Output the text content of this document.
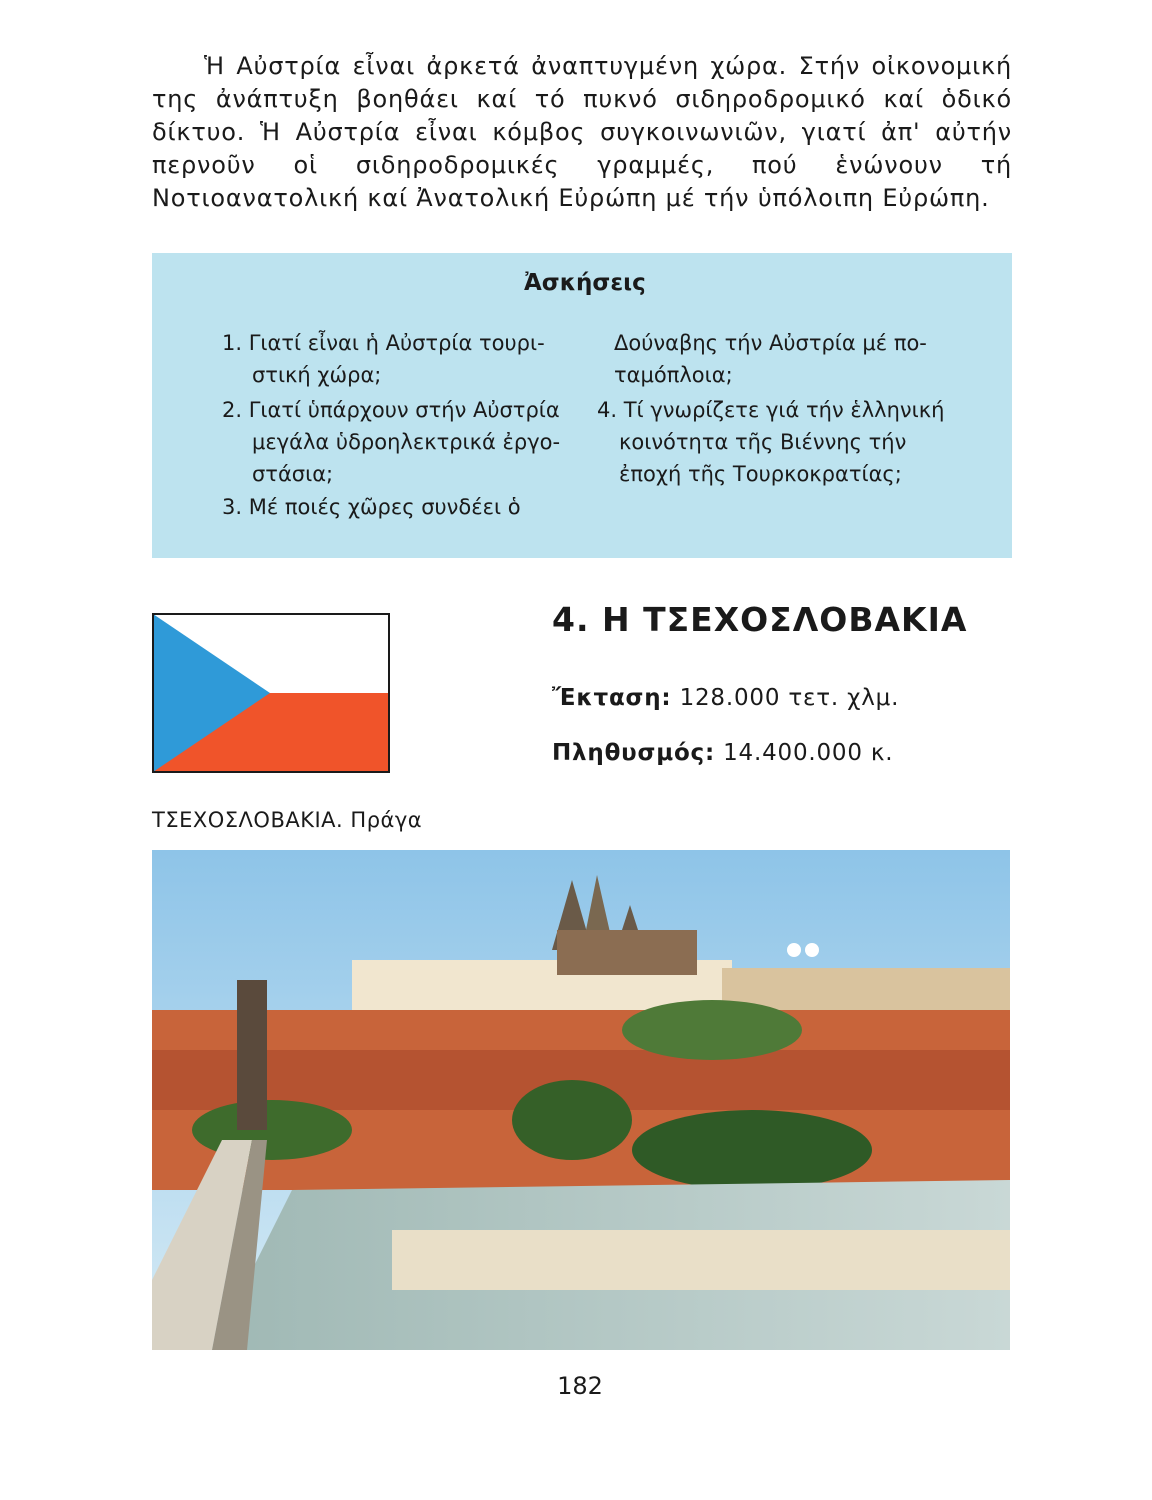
Ἡ Αὐστρία εἶναι ἀρκετά ἀναπτυγμένη χώρα. Στήν οἰκονομική της ἀνάπτυξη βοηθάει καί τό πυκνό σιδηροδρομικό καί ὁδικό δίκτυο. Ἡ Αὐστρία εἶναι κόμβος συγκοινωνιῶν, γιατί ἀπ' αὐτήν περνοῦν οἱ σιδηροδρομικές γραμμές, πού ἑνώνουν τή Νοτιοανατολική καί Ἀνατολική Εὐρώπη μέ τήν ὑπόλοιπη Εὐρώπη.

Ἀσκήσεις
1. Γιατί εἶναι ἡ Αὐστρία τουρι-
στική χώρα;
2. Γιατί ὑπάρχουν στήν Αὐστρία
μεγάλα ὑδροηλεκτρικά ἐργο-
στάσια;
3. Μέ ποιές χῶρες συνδέει ὁ
Δούναβης τήν Αὐστρία μέ πο-
ταμόπλοια;
4. Τί γνωρίζετε γιά τήν ἑλληνική
κοινότητα τῆς Βιέννης τήν
ἐποχή τῆς Τουρκοκρατίας;
4. Η ΤΣΕΧΟΣΛΟΒΑΚΙΑ
Ἔκταση: 128.000 τετ. χλμ.
Πληθυσμός: 14.400.000 κ.
ΤΣΕΧΟΣΛΟΒΑΚΙΑ. Πράγα
182
